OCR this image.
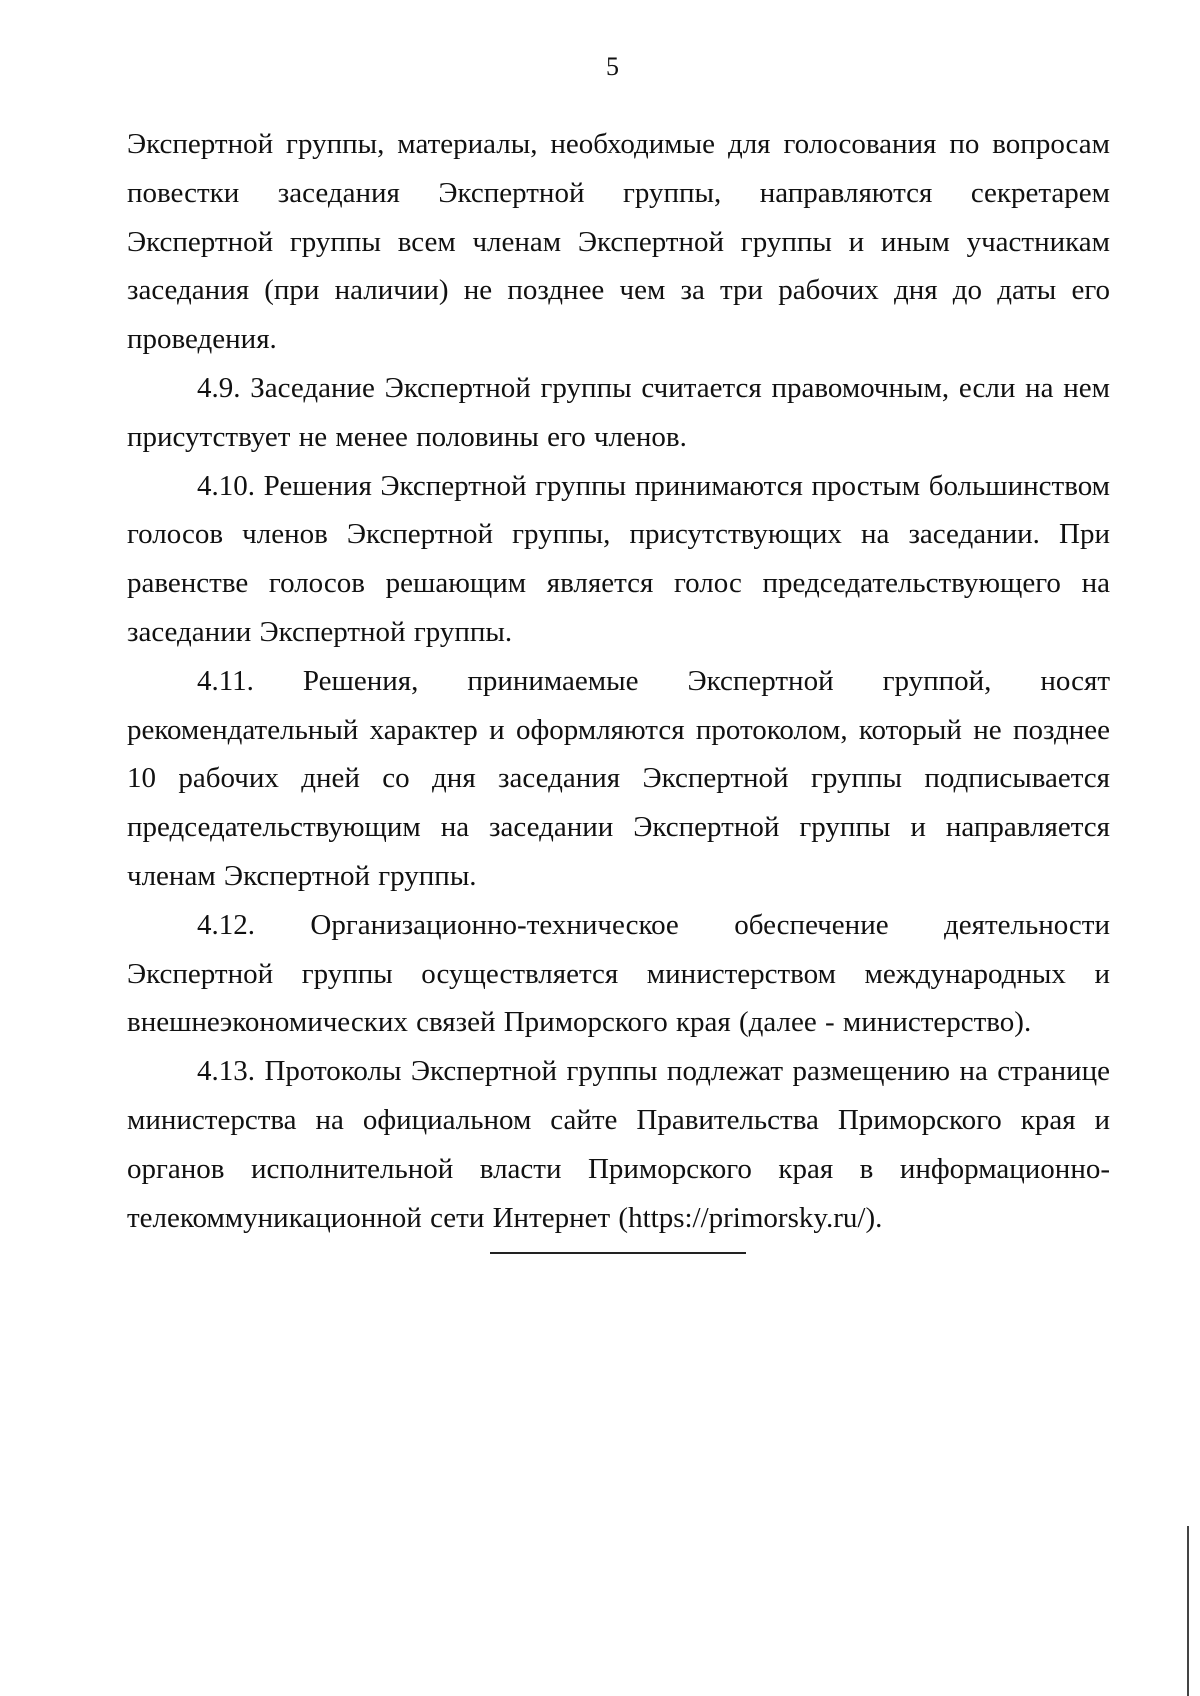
5

Экспертной группы, материалы, необходимые для голосования по вопросам повестки заседания Экспертной группы, направляются секретарем Экспертной группы всем членам Экспертной группы и иным участникам заседания (при наличии) не позднее чем за три рабочих дня до даты его проведения.

4.9. Заседание Экспертной группы считается правомочным, если на нем присутствует не менее половины его членов.

4.10. Решения Экспертной группы принимаются простым большинством голосов членов Экспертной группы, присутствующих на заседании. При равенстве голосов решающим является голос председательствующего на заседании Экспертной группы.

4.11. Решения, принимаемые Экспертной группой, носят рекомендательный характер и оформляются протоколом, который не позднее 10 рабочих дней со дня заседания Экспертной группы подписывается председательствующим на заседании Экспертной группы и направляется членам Экспертной группы.

4.12. Организационно-техническое обеспечение деятельности Экспертной группы осуществляется министерством международных и внешнеэкономических связей Приморского края (далее - министерство).

4.13. Протоколы Экспертной группы подлежат размещению на странице министерства на официальном сайте Правительства Приморского края и органов исполнительной власти Приморского края в информационно-телекоммуникационной сети Интернет (https://primorsky.ru/).
